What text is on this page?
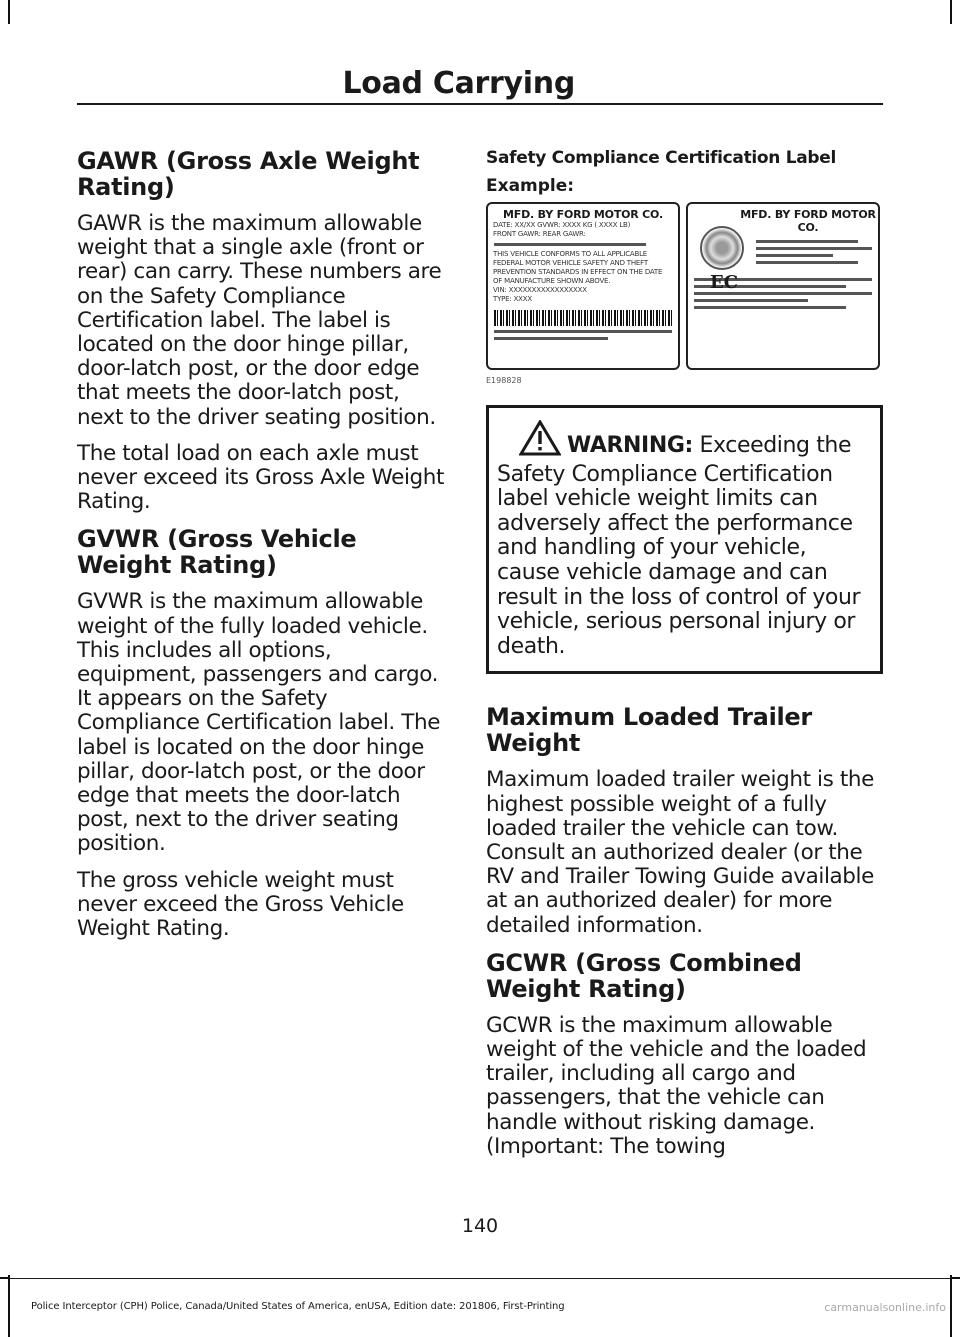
Load Carrying
GAWR (Gross Axle Weight Rating)

GAWR is the maximum allowable weight that a single axle (front or rear) can carry. These numbers are on the Safety Compliance Certification label. The label is located on the door hinge pillar, door-latch post, or the door edge that meets the door-latch post, next to the driver seating position.

The total load on each axle must never exceed its Gross Axle Weight Rating.

GVWR (Gross Vehicle Weight Rating)

GVWR is the maximum allowable weight of the fully loaded vehicle. This includes all options, equipment, passengers and cargo. It appears on the Safety Compliance Certification label. The label is located on the door hinge pillar, door-latch post, or the door edge that meets the door-latch post, next to the driver seating position.

The gross vehicle weight must never exceed the Gross Vehicle Weight Rating.

Safety Compliance Certification Label
Example:
MFD. BY FORD MOTOR CO.
DATE: XX/XX GVWR: XXXX KG ( XXXX LB)
FRONT GAWR: REAR GAWR:
THIS VEHICLE CONFORMS TO ALL APPLICABLE FEDERAL MOTOR VEHICLE SAFETY AND THEFT PREVENTION STANDARDS IN EFFECT ON THE DATE OF MANUFACTURE SHOWN ABOVE.
VIN: XXXXXXXXXXXXXXXXX
TYPE: XXXX
MFD. BY FORD MOTOR CO.
EC
E198828

WARNING: Exceeding the Safety Compliance Certification label vehicle weight limits can adversely affect the performance and handling of your vehicle, cause vehicle damage and can result in the loss of control of your vehicle, serious personal injury or death.

Maximum Loaded Trailer Weight

Maximum loaded trailer weight is the highest possible weight of a fully loaded trailer the vehicle can tow. Consult an authorized dealer (or the RV and Trailer Towing Guide available at an authorized dealer) for more detailed information.

GCWR (Gross Combined Weight Rating)

GCWR is the maximum allowable weight of the vehicle and the loaded trailer, including all cargo and passengers, that the vehicle can handle without risking damage. (Important: The towing

140
Police Interceptor (CPH) Police, Canada/United States of America, enUSA, Edition date: 201806, First-Printing	carmanualsonline.info
